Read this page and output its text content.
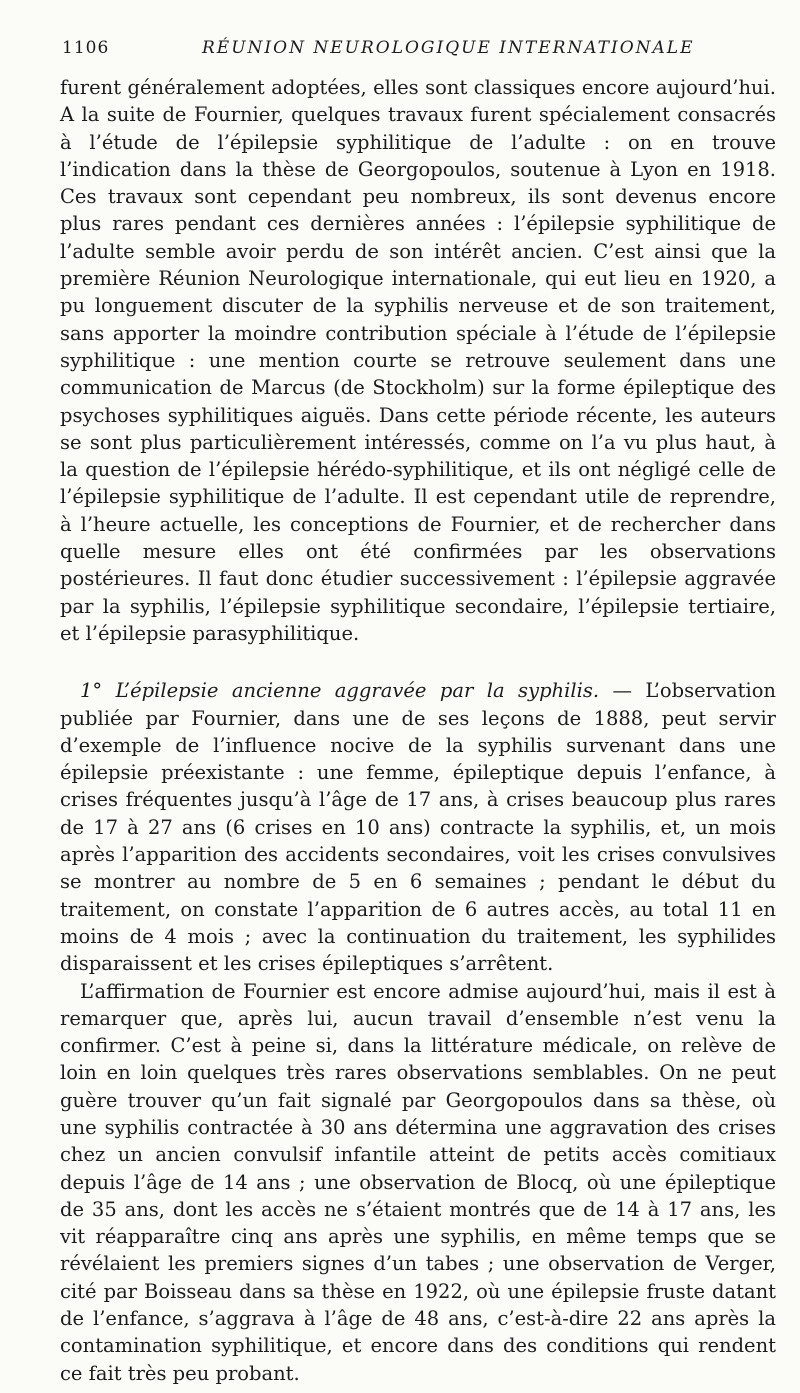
1106	RÉUNION NEUROLOGIQUE INTERNATIONALE

furent généralement adoptées, elles sont classiques encore aujourd’hui. A la suite de Fournier, quelques travaux furent spécialement consacrés à l’étude de l’épilepsie syphilitique de l’adulte : on en trouve l’indication dans la thèse de Georgopoulos, soutenue à Lyon en 1918. Ces travaux sont cependant peu nombreux, ils sont devenus encore plus rares pendant ces dernières années : l’épilepsie syphilitique de l’adulte semble avoir perdu de son intérêt ancien. C’est ainsi que la première Réunion Neurologique internationale, qui eut lieu en 1920, a pu longuement discuter de la syphilis nerveuse et de son traitement, sans apporter la moindre contribution spéciale à l’étude de l’épilepsie syphilitique : une mention courte se retrouve seulement dans une communication de Marcus (de Stockholm) sur la forme épileptique des psychoses syphilitiques aiguës. Dans cette période récente, les auteurs se sont plus particulièrement intéressés, comme on l’a vu plus haut, à la question de l’épilepsie hérédo-syphilitique, et ils ont négligé celle de l’épilepsie syphilitique de l’adulte. Il est cependant utile de reprendre, à l’heure actuelle, les conceptions de Fournier, et de rechercher dans quelle mesure elles ont été confirmées par les observations postérieures. Il faut donc étudier successivement : l’épilepsie aggravée par la syphilis, l’épilepsie syphilitique secondaire, l’épilepsie tertiaire, et l’épilepsie parasyphilitique.

1° L’épilepsie ancienne aggravée par la syphilis. — L’observation publiée par Fournier, dans une de ses leçons de 1888, peut servir d’exemple de l’influence nocive de la syphilis survenant dans une épilepsie préexistante : une femme, épileptique depuis l’enfance, à crises fréquentes jusqu’à l’âge de 17 ans, à crises beaucoup plus rares de 17 à 27 ans (6 crises en 10 ans) contracte la syphilis, et, un mois après l’apparition des accidents secondaires, voit les crises convulsives se montrer au nombre de 5 en 6 semaines ; pendant le début du traitement, on constate l’apparition de 6 autres accès, au total 11 en moins de 4 mois ; avec la continuation du traitement, les syphilides disparaissent et les crises épileptiques s’arrêtent.

L’affirmation de Fournier est encore admise aujourd’hui, mais il est à remarquer que, après lui, aucun travail d’ensemble n’est venu la confirmer. C’est à peine si, dans la littérature médicale, on relève de loin en loin quelques très rares observations semblables. On ne peut guère trouver qu’un fait signalé par Georgopoulos dans sa thèse, où une syphilis contractée à 30 ans détermina une aggravation des crises chez un ancien convulsif infantile atteint de petits accès comitiaux depuis l’âge de 14 ans ; une observation de Blocq, où une épileptique de 35 ans, dont les accès ne s’étaient montrés que de 14 à 17 ans, les vit réapparaître cinq ans après une syphilis, en même temps que se révélaient les premiers signes d’un tabes ; une observation de Verger, cité par Boisseau dans sa thèse en 1922, où une épilepsie fruste datant de l’enfance, s’aggrava à l’âge de 48 ans, c’est-à-dire 22 ans après la contamination syphilitique, et encore dans des conditions qui rendent ce fait très peu probant.
